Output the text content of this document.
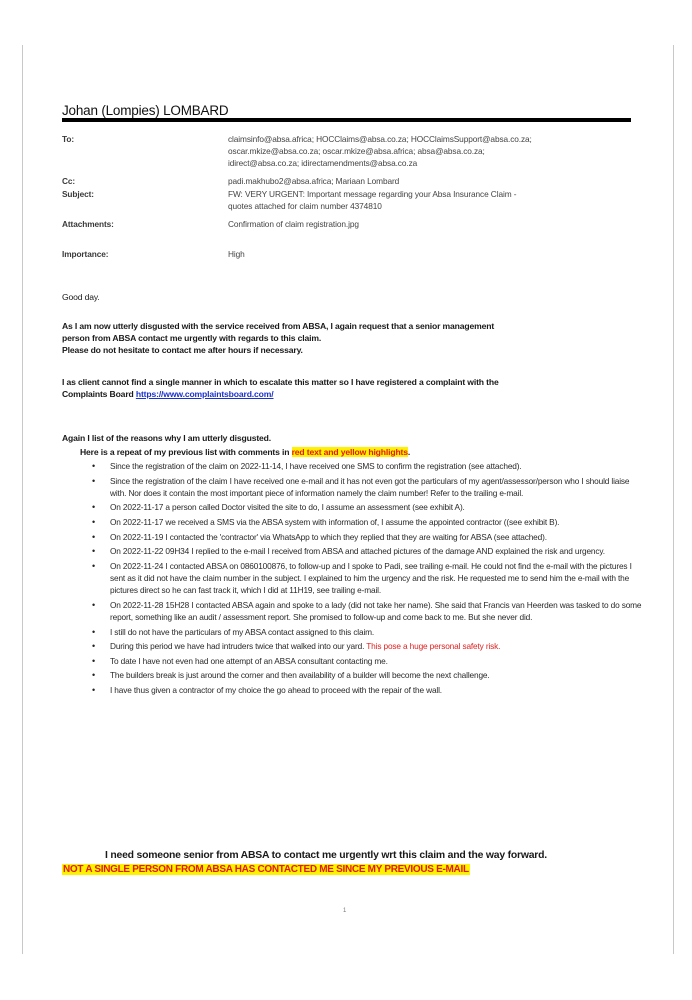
Johan (Lompies) LOMBARD
To:	claimsinfo@absa.africa; HOCClaims@absa.co.za; HOCClaimsSupport@absa.co.za;
oscar.mkize@absa.co.za; oscar.mkize@absa.africa; absa@absa.co.za;
idirect@absa.co.za; idirectamendments@absa.co.za
Cc:	padi.makhubo2@absa.africa; Mariaan Lombard
Subject:	FW: VERY URGENT: Important message regarding your Absa Insurance Claim -
quotes attached for claim number 4374810
Attachments:	Confirmation of claim registration.jpg
Importance:	High
Good day.
As I am now utterly disgusted with the service received from ABSA, I again request that a senior management
person from ABSA contact me urgently with regards to this claim.
Please do not hesitate to contact me after hours if necessary.
I as client cannot find a single manner in which to escalate this matter so I have registered a complaint with the
Complaints Board https://www.complaintsboard.com/
Again I list of the reasons why I am utterly disgusted.
Here is a repeat of my previous list with comments in red text and yellow highlights.
• Since the registration of the claim on 2022-11-14, I have received one SMS to confirm the registration (see attached).
• Since the registration of the claim I have received one e-mail and it has not even got the particulars of my agent/assessor/person who I should liaise with. Nor does it contain the most important piece of information namely the claim number! Refer to the trailing e-mail.
• On 2022-11-17 a person called Doctor visited the site to do, I assume an assessment (see exhibit A).
• On 2022-11-17 we received a SMS via the ABSA system with information of, I assume the appointed contractor ((see exhibit B).
• On 2022-11-19 I contacted the 'contractor' via WhatsApp to which they replied that they are waiting for ABSA (see attached).
• On 2022-11-22 09H34 I replied to the e-mail I received from ABSA and attached pictures of the damage AND explained the risk and urgency.
• On 2022-11-24 I contacted ABSA on 0860100876, to follow-up and I spoke to Padi, see trailing e-mail. He could not find the e-mail with the pictures I sent as it did not have the claim number in the subject. I explained to him the urgency and the risk. He requested me to send him the e-mail with the pictures direct so he can fast track it, which I did at 11H19, see trailing e-mail.
• On 2022-11-28 15H28 I contacted ABSA again and spoke to a lady (did not take her name). She said that Francis van Heerden was tasked to do some report, something like an audit / assessment report. She promised to follow-up and come back to me. But she never did.
• I still do not have the particulars of my ABSA contact assigned to this claim.
• During this period we have had intruders twice that walked into our yard. This pose a huge personal safety risk.
• To date I have not even had one attempt of an ABSA consultant contacting me.
• The builders break is just around the corner and then availability of a builder will become the next challenge.
• I have thus given a contractor of my choice the go ahead to proceed with the repair of the wall.
I need someone senior from ABSA to contact me urgently wrt this claim and the way forward.
NOT A SINGLE PERSON FROM ABSA HAS CONTACTED ME SINCE MY PREVIOUS E-MAIL
1
